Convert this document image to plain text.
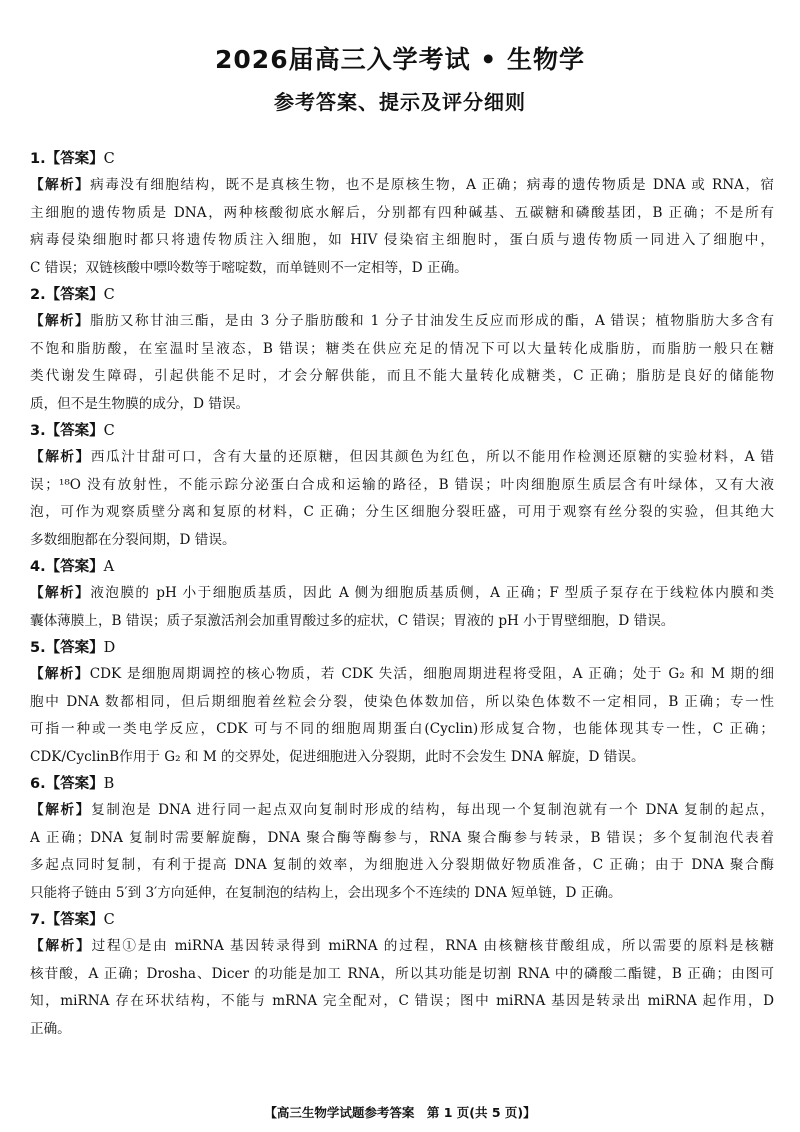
2026届高三入学考试 • 生物学
参考答案、提示及评分细则

1.【答案】C

【解析】病毒没有细胞结构，既不是真核生物，也不是原核生物，A 正确；病毒的遗传物质是 DNA 或 RNA，宿

主细胞的遗传物质是 DNA，两种核酸彻底水解后，分别都有四种碱基、五碳糖和磷酸基团，B 正确；不是所有

病毒侵染细胞时都只将遗传物质注入细胞，如 HIV 侵染宿主细胞时，蛋白质与遗传物质一同进入了细胞中，

C 错误；双链核酸中嘌呤数等于嘧啶数，而单链则不一定相等，D 正确。

2.【答案】C

【解析】脂肪又称甘油三酯，是由 3 分子脂肪酸和 1 分子甘油发生反应而形成的酯，A 错误；植物脂肪大多含有

不饱和脂肪酸，在室温时呈液态，B 错误；糖类在供应充足的情况下可以大量转化成脂肪，而脂肪一般只在糖

类代谢发生障碍，引起供能不足时，才会分解供能，而且不能大量转化成糖类，C 正确；脂肪是良好的储能物

质，但不是生物膜的成分，D 错误。

3.【答案】C

【解析】西瓜汁甘甜可口，含有大量的还原糖，但因其颜色为红色，所以不能用作检测还原糖的实验材料，A 错

误；¹⁸O 没有放射性，不能示踪分泌蛋白合成和运输的路径，B 错误；叶肉细胞原生质层含有叶绿体，又有大液

泡，可作为观察质壁分离和复原的材料，C 正确；分生区细胞分裂旺盛，可用于观察有丝分裂的实验，但其绝大

多数细胞都在分裂间期，D 错误。

4.【答案】A

【解析】液泡膜的 pH 小于细胞质基质，因此 A 侧为细胞质基质侧，A 正确；F 型质子泵存在于线粒体内膜和类

囊体薄膜上，B 错误；质子泵激活剂会加重胃酸过多的症状，C 错误；胃液的 pH 小于胃壁细胞，D 错误。

5.【答案】D

【解析】CDK 是细胞周期调控的核心物质，若 CDK 失活，细胞周期进程将受阻，A 正确；处于 G₂ 和 M 期的细

胞中 DNA 数都相同，但后期细胞着丝粒会分裂，使染色体数加倍，所以染色体数不一定相同，B 正确；专一性

可指一种或一类电学反应，CDK 可与不同的细胞周期蛋白(Cyclin)形成复合物，也能体现其专一性，C 正确；

CDK/CyclinB作用于 G₂ 和 M 的交界处，促进细胞进入分裂期，此时不会发生 DNA 解旋，D 错误。

6.【答案】B

【解析】复制泡是 DNA 进行同一起点双向复制时形成的结构，每出现一个复制泡就有一个 DNA 复制的起点，

A 正确；DNA 复制时需要解旋酶，DNA 聚合酶等酶参与，RNA 聚合酶参与转录，B 错误；多个复制泡代表着

多起点同时复制，有利于提高 DNA 复制的效率，为细胞进入分裂期做好物质准备，C 正确；由于 DNA 聚合酶

只能将子链由 5′到 3′方向延伸，在复制泡的结构上，会出现多个不连续的 DNA 短单链，D 正确。

7.【答案】C

【解析】过程①是由 miRNA 基因转录得到 miRNA 的过程，RNA 由核糖核苷酸组成，所以需要的原料是核糖

核苷酸，A 正确；Drosha、Dicer 的功能是加工 RNA，所以其功能是切割 RNA 中的磷酸二酯键，B 正确；由图可

知，miRNA 存在环状结构，不能与 mRNA 完全配对，C 错误；图中 miRNA 基因是转录出 miRNA 起作用，D

正确。

【高三生物学试题参考答案　第 1 页(共 5 页)】
